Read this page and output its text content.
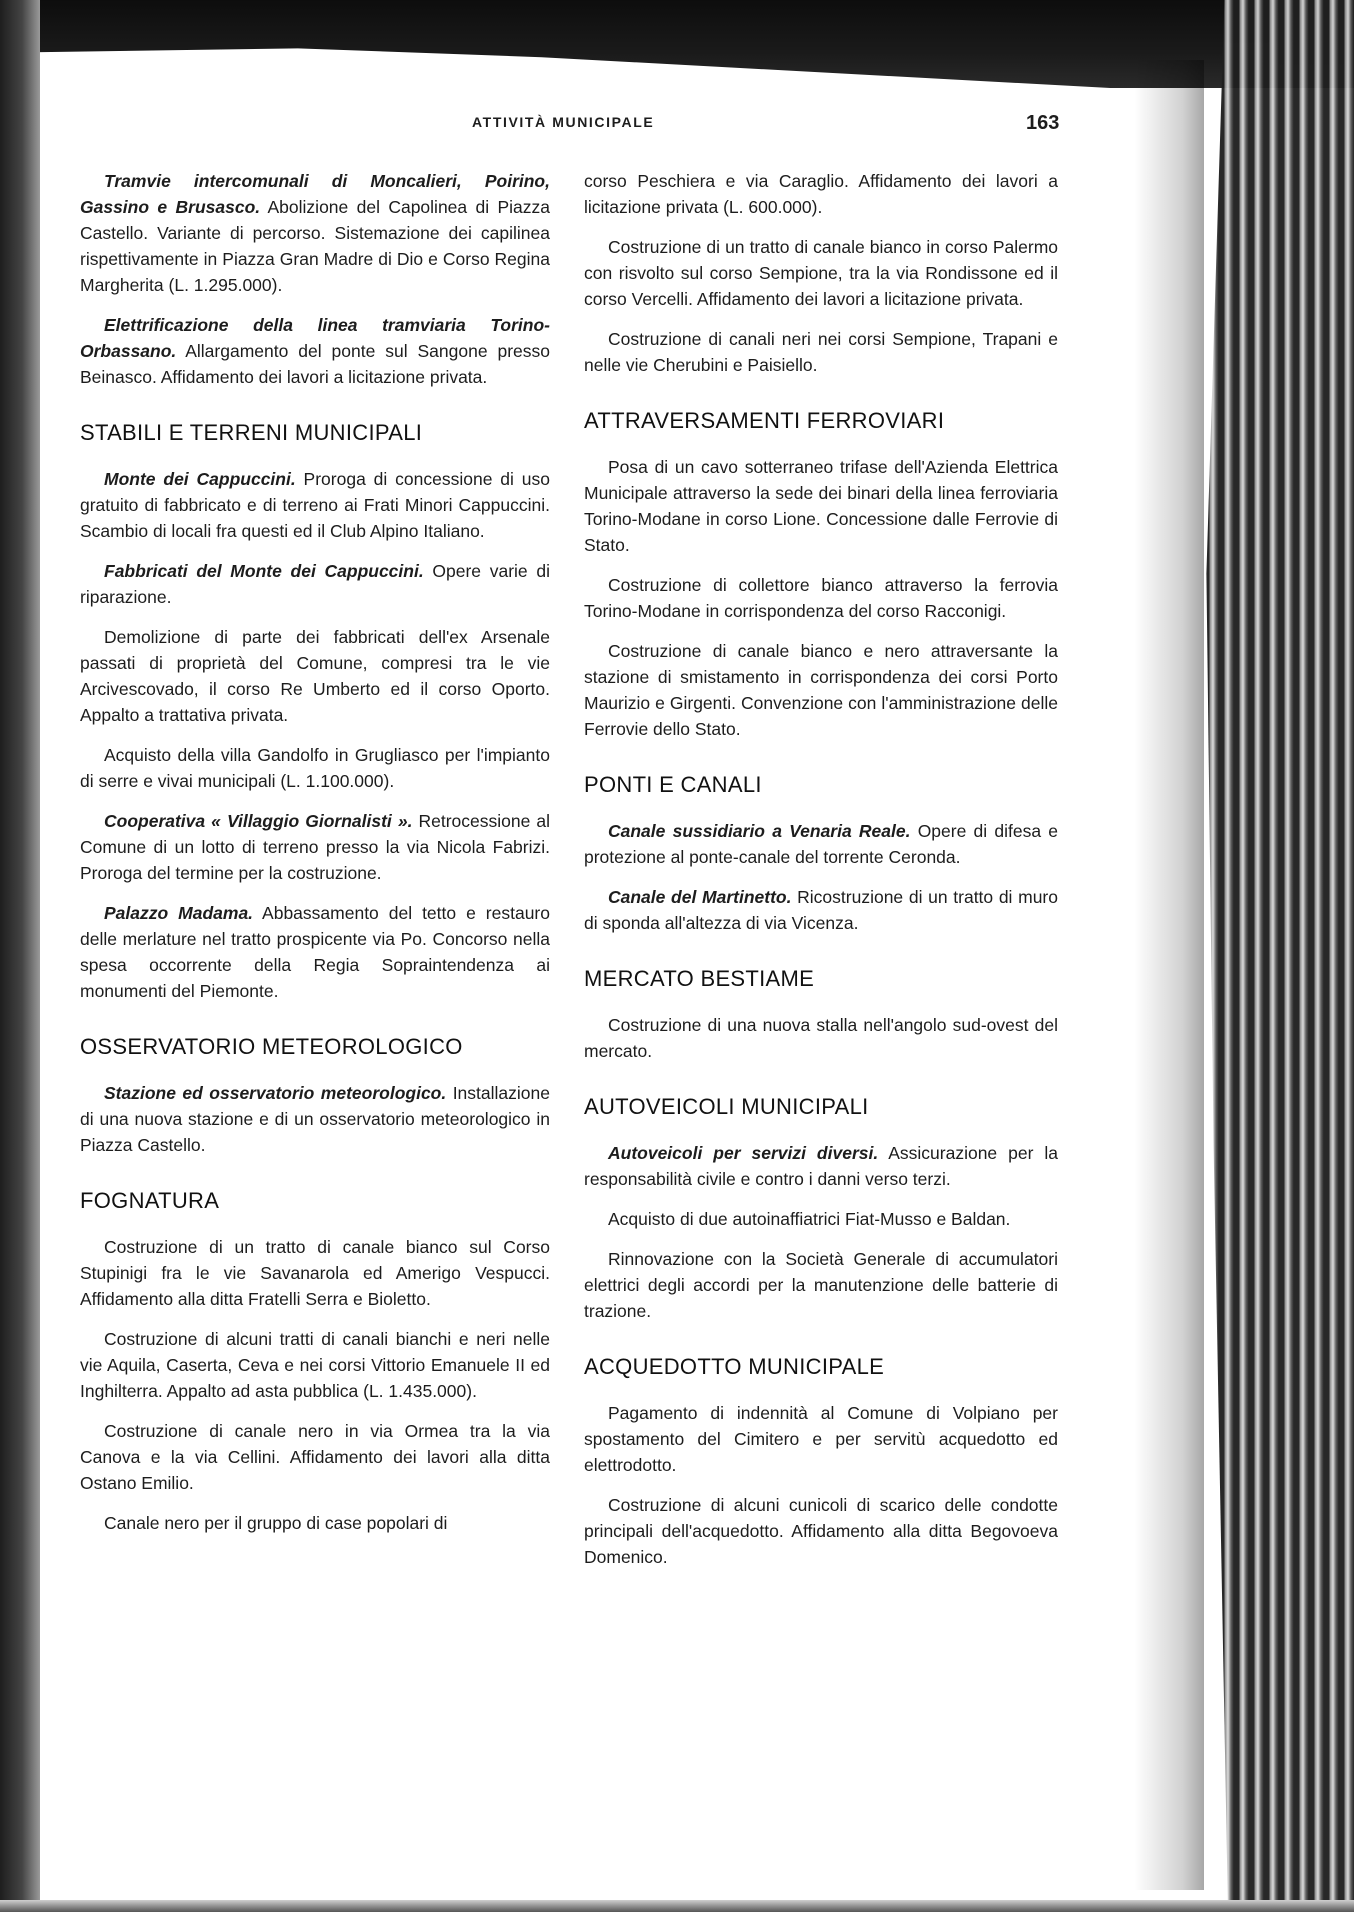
ATTIVITÀ MUNICIPALE	163

Tramvie intercomunali di Moncalieri, Poirino, Gassino e Brusasco. Abolizione del Capolinea di Piazza Castello. Variante di percorso. Sistemazione dei capilinea rispettivamente in Piazza Gran Madre di Dio e Corso Regina Margherita (L. 1.295.000).

Elettrificazione della linea tramviaria Torino-Orbassano. Allargamento del ponte sul Sangone presso Beinasco. Affidamento dei lavori a licitazione privata.

STABILI E TERRENI MUNICIPALI

Monte dei Cappuccini. Proroga di concessione di uso gratuito di fabbricato e di terreno ai Frati Minori Cappuccini. Scambio di locali fra questi ed il Club Alpino Italiano.

Fabbricati del Monte dei Cappuccini. Opere varie di riparazione.

Demolizione di parte dei fabbricati dell'ex Arsenale passati di proprietà del Comune, compresi tra le vie Arcivescovado, il corso Re Umberto ed il corso Oporto. Appalto a trattativa privata.

Acquisto della villa Gandolfo in Grugliasco per l'impianto di serre e vivai municipali (L. 1.100.000).

Cooperativa « Villaggio Giornalisti ». Retrocessione al Comune di un lotto di terreno presso la via Nicola Fabrizi. Proroga del termine per la costruzione.

Palazzo Madama. Abbassamento del tetto e restauro delle merlature nel tratto prospicente via Po. Concorso nella spesa occorrente della Regia Sopraintendenza ai monumenti del Piemonte.

OSSERVATORIO METEOROLOGICO

Stazione ed osservatorio meteorologico. Installazione di una nuova stazione e di un osservatorio meteorologico in Piazza Castello.

FOGNATURA

Costruzione di un tratto di canale bianco sul Corso Stupinigi fra le vie Savanarola ed Amerigo Vespucci. Affidamento alla ditta Fratelli Serra e Bioletto.

Costruzione di alcuni tratti di canali bianchi e neri nelle vie Aquila, Caserta, Ceva e nei corsi Vittorio Emanuele II ed Inghilterra. Appalto ad asta pubblica (L. 1.435.000).

Costruzione di canale nero in via Ormea tra la via Canova e la via Cellini. Affidamento dei lavori alla ditta Ostano Emilio.

Canale nero per il gruppo di case popolari di

corso Peschiera e via Caraglio. Affidamento dei lavori a licitazione privata (L. 600.000).

Costruzione di un tratto di canale bianco in corso Palermo con risvolto sul corso Sempione, tra la via Rondissone ed il corso Vercelli. Affidamento dei lavori a licitazione privata.

Costruzione di canali neri nei corsi Sempione, Trapani e nelle vie Cherubini e Paisiello.

ATTRAVERSAMENTI FERROVIARI

Posa di un cavo sotterraneo trifase dell'Azienda Elettrica Municipale attraverso la sede dei binari della linea ferroviaria Torino-Modane in corso Lione. Concessione dalle Ferrovie di Stato.

Costruzione di collettore bianco attraverso la ferrovia Torino-Modane in corrispondenza del corso Racconigi.

Costruzione di canale bianco e nero attraversante la stazione di smistamento in corrispondenza dei corsi Porto Maurizio e Girgenti. Convenzione con l'amministrazione delle Ferrovie dello Stato.

PONTI E CANALI

Canale sussidiario a Venaria Reale. Opere di difesa e protezione al ponte-canale del torrente Ceronda.

Canale del Martinetto. Ricostruzione di un tratto di muro di sponda all'altezza di via Vicenza.

MERCATO BESTIAME

Costruzione di una nuova stalla nell'angolo sud-ovest del mercato.

AUTOVEICOLI MUNICIPALI

Autoveicoli per servizi diversi. Assicurazione per la responsabilità civile e contro i danni verso terzi.

Acquisto di due autoinaffiatrici Fiat-Musso e Baldan.

Rinnovazione con la Società Generale di accumulatori elettrici degli accordi per la manutenzione delle batterie di trazione.

ACQUEDOTTO MUNICIPALE

Pagamento di indennità al Comune di Volpiano per spostamento del Cimitero e per servitù acquedotto ed elettrodotto.

Costruzione di alcuni cunicoli di scarico delle condotte principali dell'acquedotto. Affidamento alla ditta Begovoeva Domenico.
